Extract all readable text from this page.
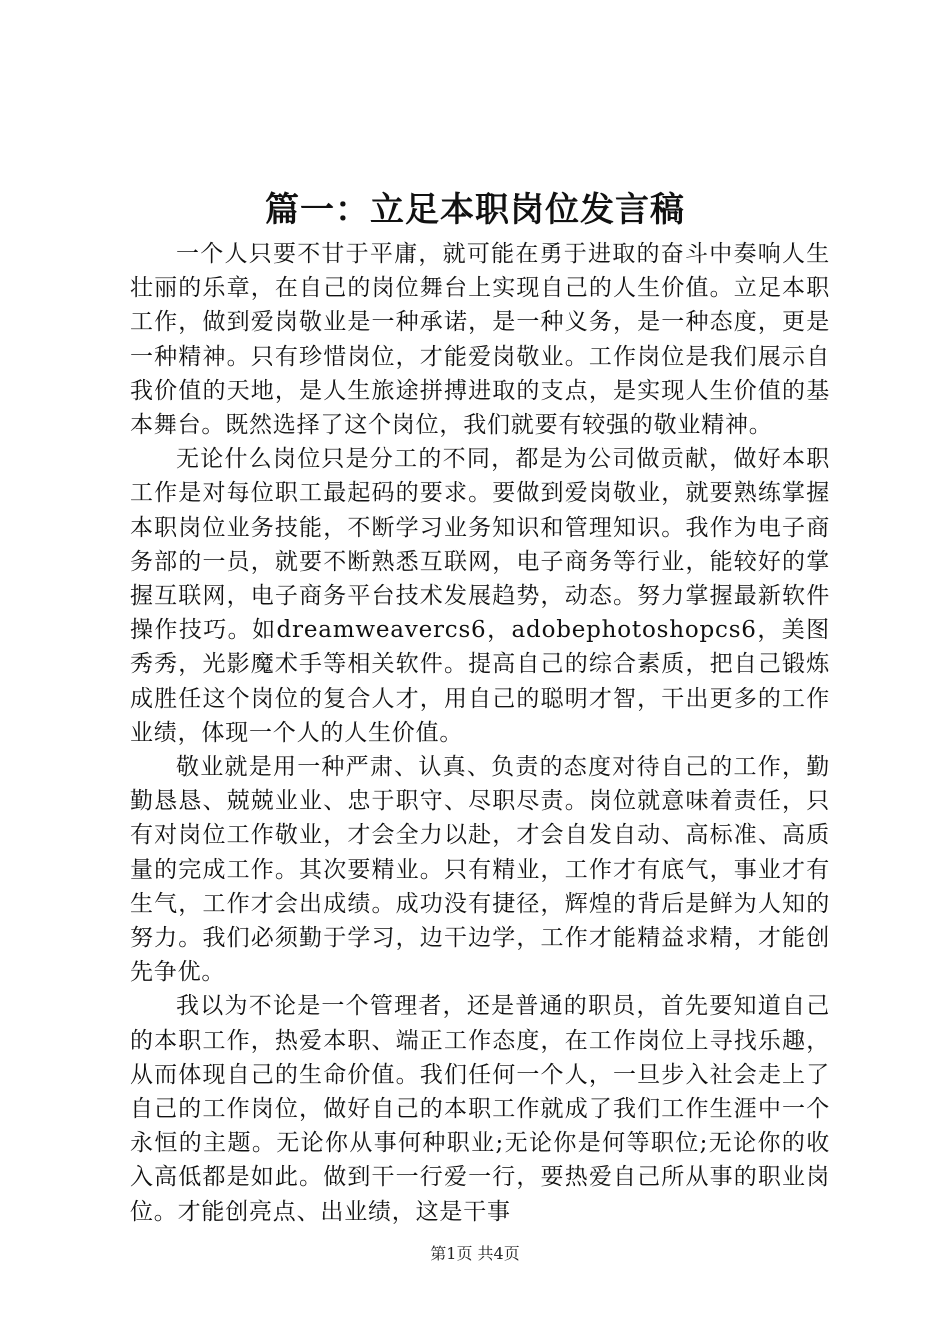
篇一：立足本职岗位发言稿

一个人只要不甘于平庸，就可能在勇于进取的奋斗中奏响人生壮丽的乐章，在自己的岗位舞台上实现自己的人生价值。立足本职工作，做到爱岗敬业是一种承诺，是一种义务，是一种态度，更是一种精神。只有珍惜岗位，才能爱岗敬业。工作岗位是我们展示自我价值的天地，是人生旅途拼搏进取的支点，是实现人生价值的基本舞台。既然选择了这个岗位，我们就要有较强的敬业精神。

无论什么岗位只是分工的不同，都是为公司做贡献，做好本职工作是对每位职工最起码的要求。要做到爱岗敬业，就要熟练掌握本职岗位业务技能，不断学习业务知识和管理知识。我作为电子商务部的一员，就要不断熟悉互联网，电子商务等行业，能较好的掌握互联网，电子商务平台技术发展趋势，动态。努力掌握最新软件操作技巧。如dreamweavercs6，adobephotoshopcs6，美图秀秀，光影魔术手等相关软件。提高自己的综合素质，把自己锻炼成胜任这个岗位的复合人才，用自己的聪明才智，干出更多的工作业绩，体现一个人的人生价值。

敬业就是用一种严肃、认真、负责的态度对待自己的工作，勤勤恳恳、兢兢业业、忠于职守、尽职尽责。岗位就意味着责任，只有对岗位工作敬业，才会全力以赴，才会自发自动、高标准、高质量的完成工作。其次要精业。只有精业，工作才有底气，事业才有生气，工作才会出成绩。成功没有捷径，辉煌的背后是鲜为人知的努力。我们必须勤于学习，边干边学，工作才能精益求精，才能创先争优。

我以为不论是一个管理者，还是普通的职员，首先要知道自己的本职工作，热爱本职、端正工作态度，在工作岗位上寻找乐趣，从而体现自己的生命价值。我们任何一个人，一旦步入社会走上了自己的工作岗位，做好自己的本职工作就成了我们工作生涯中一个永恒的主题。无论你从事何种职业;无论你是何等职位;无论你的收入高低都是如此。做到干一行爱一行，要热爱自己所从事的职业岗位。才能创亮点、出业绩，这是干事

第1页 共4页
